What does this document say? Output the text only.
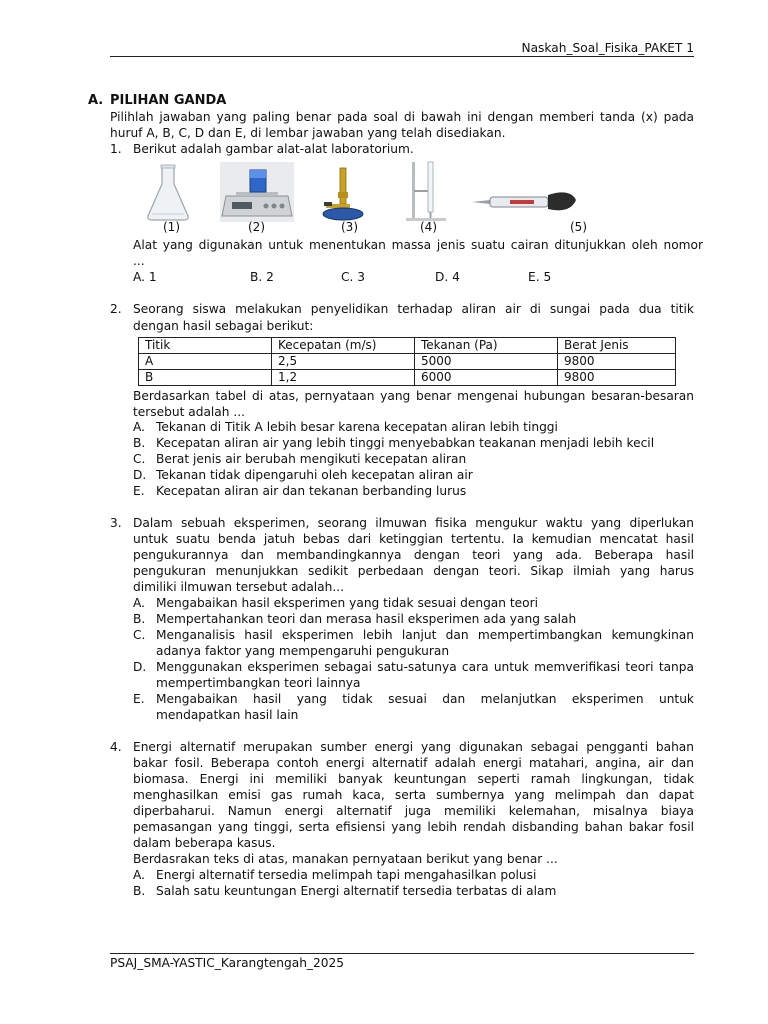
Naskah_Soal_Fisika_PAKET 1
A. PILIHAN GANDA
Pilihlah jawaban yang paling benar pada soal di bawah ini dengan memberi tanda (x) pada
huruf A, B, C, D dan E, di lembar jawaban yang telah disediakan.
1. Berikut adalah gambar alat-alat laboratorium.
(1)	(2)	(3)	(4)	(5)
Alat yang digunakan untuk menentukan massa jenis suatu cairan ditunjukkan oleh nomor
...
A. 1	B. 2	C. 3	D. 4	E. 5
2. Seorang siswa melakukan penyelidikan terhadap aliran air di sungai pada dua titik
dengan hasil sebagai berikut:
Titik	Kecepatan (m/s)	Tekanan (Pa)	Berat Jenis
A	2,5	5000	9800
B	1,2	6000	9800
Berdasarkan tabel di atas, pernyataan yang benar mengenai hubungan besaran-besaran
tersebut adalah ...
A. Tekanan di Titik A lebih besar karena kecepatan aliran lebih tinggi
B. Kecepatan aliran air yang lebih tinggi menyebabkan teakanan menjadi lebih kecil
C. Berat jenis air berubah mengikuti kecepatan aliran
D. Tekanan tidak dipengaruhi oleh kecepatan aliran air
E. Kecepatan aliran air dan tekanan berbanding lurus
3. Dalam sebuah eksperimen, seorang ilmuwan fisika mengukur waktu yang diperlukan
untuk suatu benda jatuh bebas dari ketinggian tertentu. Ia kemudian mencatat hasil
pengukurannya dan membandingkannya dengan teori yang ada. Beberapa hasil
pengukuran menunjukkan sedikit perbedaan dengan teori. Sikap ilmiah yang harus
dimiliki ilmuwan tersebut adalah...
A. Mengabaikan hasil eksperimen yang tidak sesuai dengan teori
B. Mempertahankan teori dan merasa hasil eksperimen ada yang salah
C. Menganalisis hasil eksperimen lebih lanjut dan mempertimbangkan kemungkinan
adanya faktor yang mempengaruhi pengukuran
D. Menggunakan eksperimen sebagai satu-satunya cara untuk memverifikasi teori tanpa
mempertimbangkan teori lainnya
E. Mengabaikan hasil yang tidak sesuai dan melanjutkan eksperimen untuk
mendapatkan hasil lain
4. Energi alternatif merupakan sumber energi yang digunakan sebagai pengganti bahan
bakar fosil. Beberapa contoh energi alternatif adalah energi matahari, angina, air dan
biomasa. Energi ini memiliki banyak keuntungan seperti ramah lingkungan, tidak
menghasilkan emisi gas rumah kaca, serta sumbernya yang melimpah dan dapat
diperbaharui. Namun energi alternatif juga memiliki kelemahan, misalnya biaya
pemasangan yang tinggi, serta efisiensi yang lebih rendah disbanding bahan bakar fosil
dalam beberapa kasus.
Berdasrakan teks di atas, manakan pernyataan berikut yang benar ...
A. Energi alternatif tersedia melimpah tapi mengahasilkan polusi
B. Salah satu keuntungan Energi alternatif tersedia terbatas di alam
PSAJ_SMA-YASTIC_Karangtengah_2025
